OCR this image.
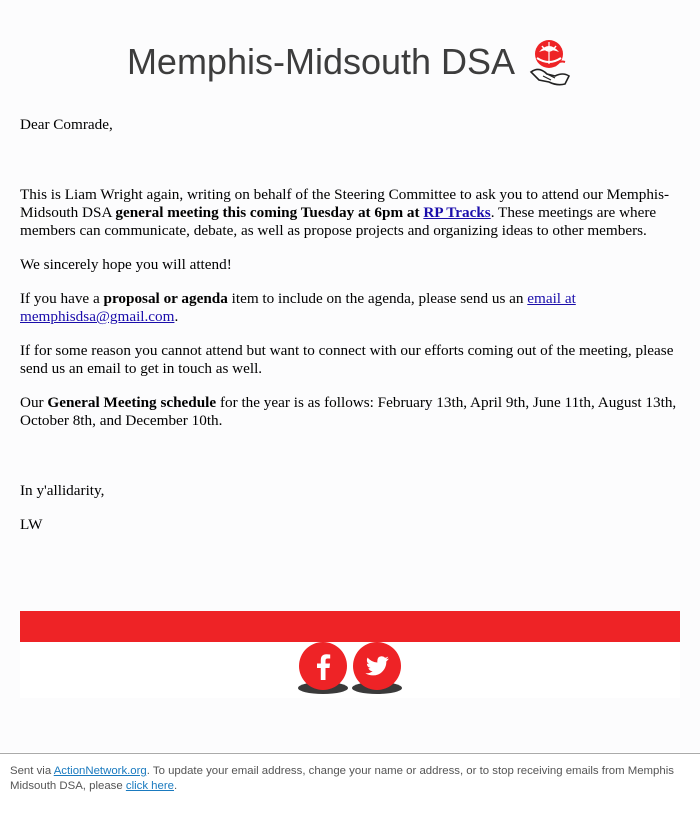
Memphis-Midsouth DSA

Dear Comrade,

This is Liam Wright again, writing on behalf of the Steering Committee to ask you to attend our Memphis-Midsouth DSA general meeting this coming Tuesday at 6pm at RP Tracks. These meetings are where members can communicate, debate, as well as propose projects and organizing ideas to other members.

We sincerely hope you will attend!

If you have a proposal or agenda item to include on the agenda, please send us an email at memphisdsa@gmail.com.

If for some reason you cannot attend but want to connect with our efforts coming out of the meeting, please send us an email to get in touch as well.

Our General Meeting schedule for the year is as follows: February 13th, April 9th, June 11th, August 13th, October 8th, and December 10th.

In y'allidarity,

LW

Sent via ActionNetwork.org. To update your email address, change your name or address, or to stop receiving emails from Memphis Midsouth DSA, please click here.
